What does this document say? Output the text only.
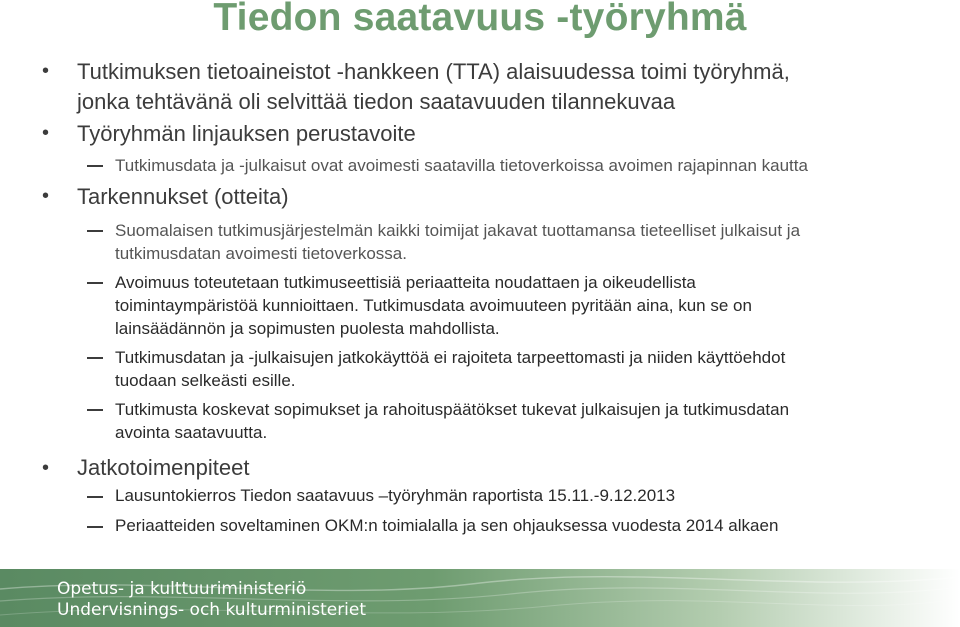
Tiedon saatavuus -työryhmä
• Tutkimuksen tietoaineistot -hankkeen (TTA) alaisuudessa toimi työryhmä,
jonka tehtävänä oli selvittää tiedon saatavuuden tilannekuvaa
• Työryhmän linjauksen perustavoite
Tutkimusdata ja -julkaisut ovat avoimesti saatavilla tietoverkoissa avoimen rajapinnan kautta
• Tarkennukset (otteita)
Suomalaisen tutkimusjärjestelmän kaikki toimijat jakavat tuottamansa tieteelliset julkaisut ja
tutkimusdatan avoimesti tietoverkossa.
Avoimuus toteutetaan tutkimuseettisiä periaatteita noudattaen ja oikeudellista
toimintaympäristöä kunnioittaen. Tutkimusdata avoimuuteen pyritään aina, kun se on
lainsäädännön ja sopimusten puolesta mahdollista.
Tutkimusdatan ja -julkaisujen jatkokäyttöä ei rajoiteta tarpeettomasti ja niiden käyttöehdot
tuodaan selkeästi esille.
Tutkimusta koskevat sopimukset ja rahoituspäätökset tukevat julkaisujen ja tutkimusdatan
avointa saatavuutta.
• Jatkotoimenpiteet
Lausuntokierros Tiedon saatavuus –työryhmän raportista 15.11.-9.12.2013
Periaatteiden soveltaminen OKM:n toimialalla ja sen ohjauksessa vuodesta 2014 alkaen
Opetus- ja kulttuuriministeriö
Undervisnings- och kulturministeriet
